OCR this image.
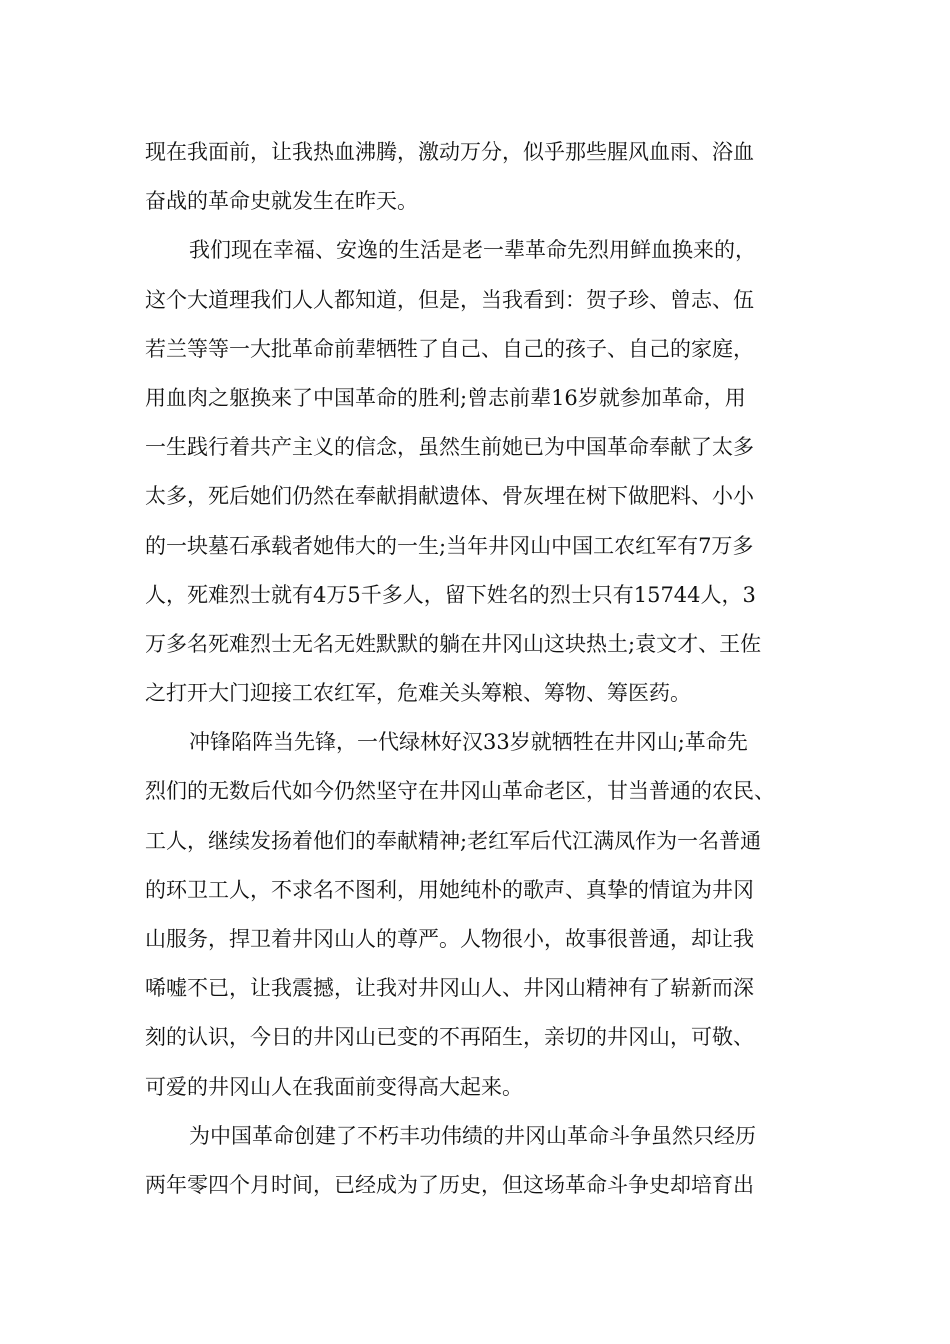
现在我面前，让我热血沸腾，激动万分，似乎那些腥风血雨、浴血
奋战的革命史就发生在昨天。
我们现在幸福、安逸的生活是老一辈革命先烈用鲜血换来的，
这个大道理我们人人都知道，但是，当我看到：贺子珍、曾志、伍
若兰等等一大批革命前辈牺牲了自己、自己的孩子、自己的家庭，
用血肉之躯换来了中国革命的胜利;曾志前辈16岁就参加革命，用
一生践行着共产主义的信念，虽然生前她已为中国革命奉献了太多
太多，死后她们仍然在奉献捐献遗体、骨灰埋在树下做肥料、小小
的一块墓石承载者她伟大的一生;当年井冈山中国工农红军有7万多
人，死难烈士就有4万5千多人，留下姓名的烈士只有15744人，3
万多名死难烈士无名无姓默默的躺在井冈山这块热土;袁文才、王佐
之打开大门迎接工农红军，危难关头筹粮、筹物、筹医药。
冲锋陷阵当先锋，一代绿林好汉33岁就牺牲在井冈山;革命先
烈们的无数后代如今仍然坚守在井冈山革命老区，甘当普通的农民、
工人，继续发扬着他们的奉献精神;老红军后代江满凤作为一名普通
的环卫工人，不求名不图利，用她纯朴的歌声、真挚的情谊为井冈
山服务，捍卫着井冈山人的尊严。人物很小，故事很普通，却让我
唏嘘不已，让我震撼，让我对井冈山人、井冈山精神有了崭新而深
刻的认识，今日的井冈山已变的不再陌生，亲切的井冈山，可敬、
可爱的井冈山人在我面前变得高大起来。
为中国革命创建了不朽丰功伟绩的井冈山革命斗争虽然只经历
两年零四个月时间，已经成为了历史，但这场革命斗争史却培育出
